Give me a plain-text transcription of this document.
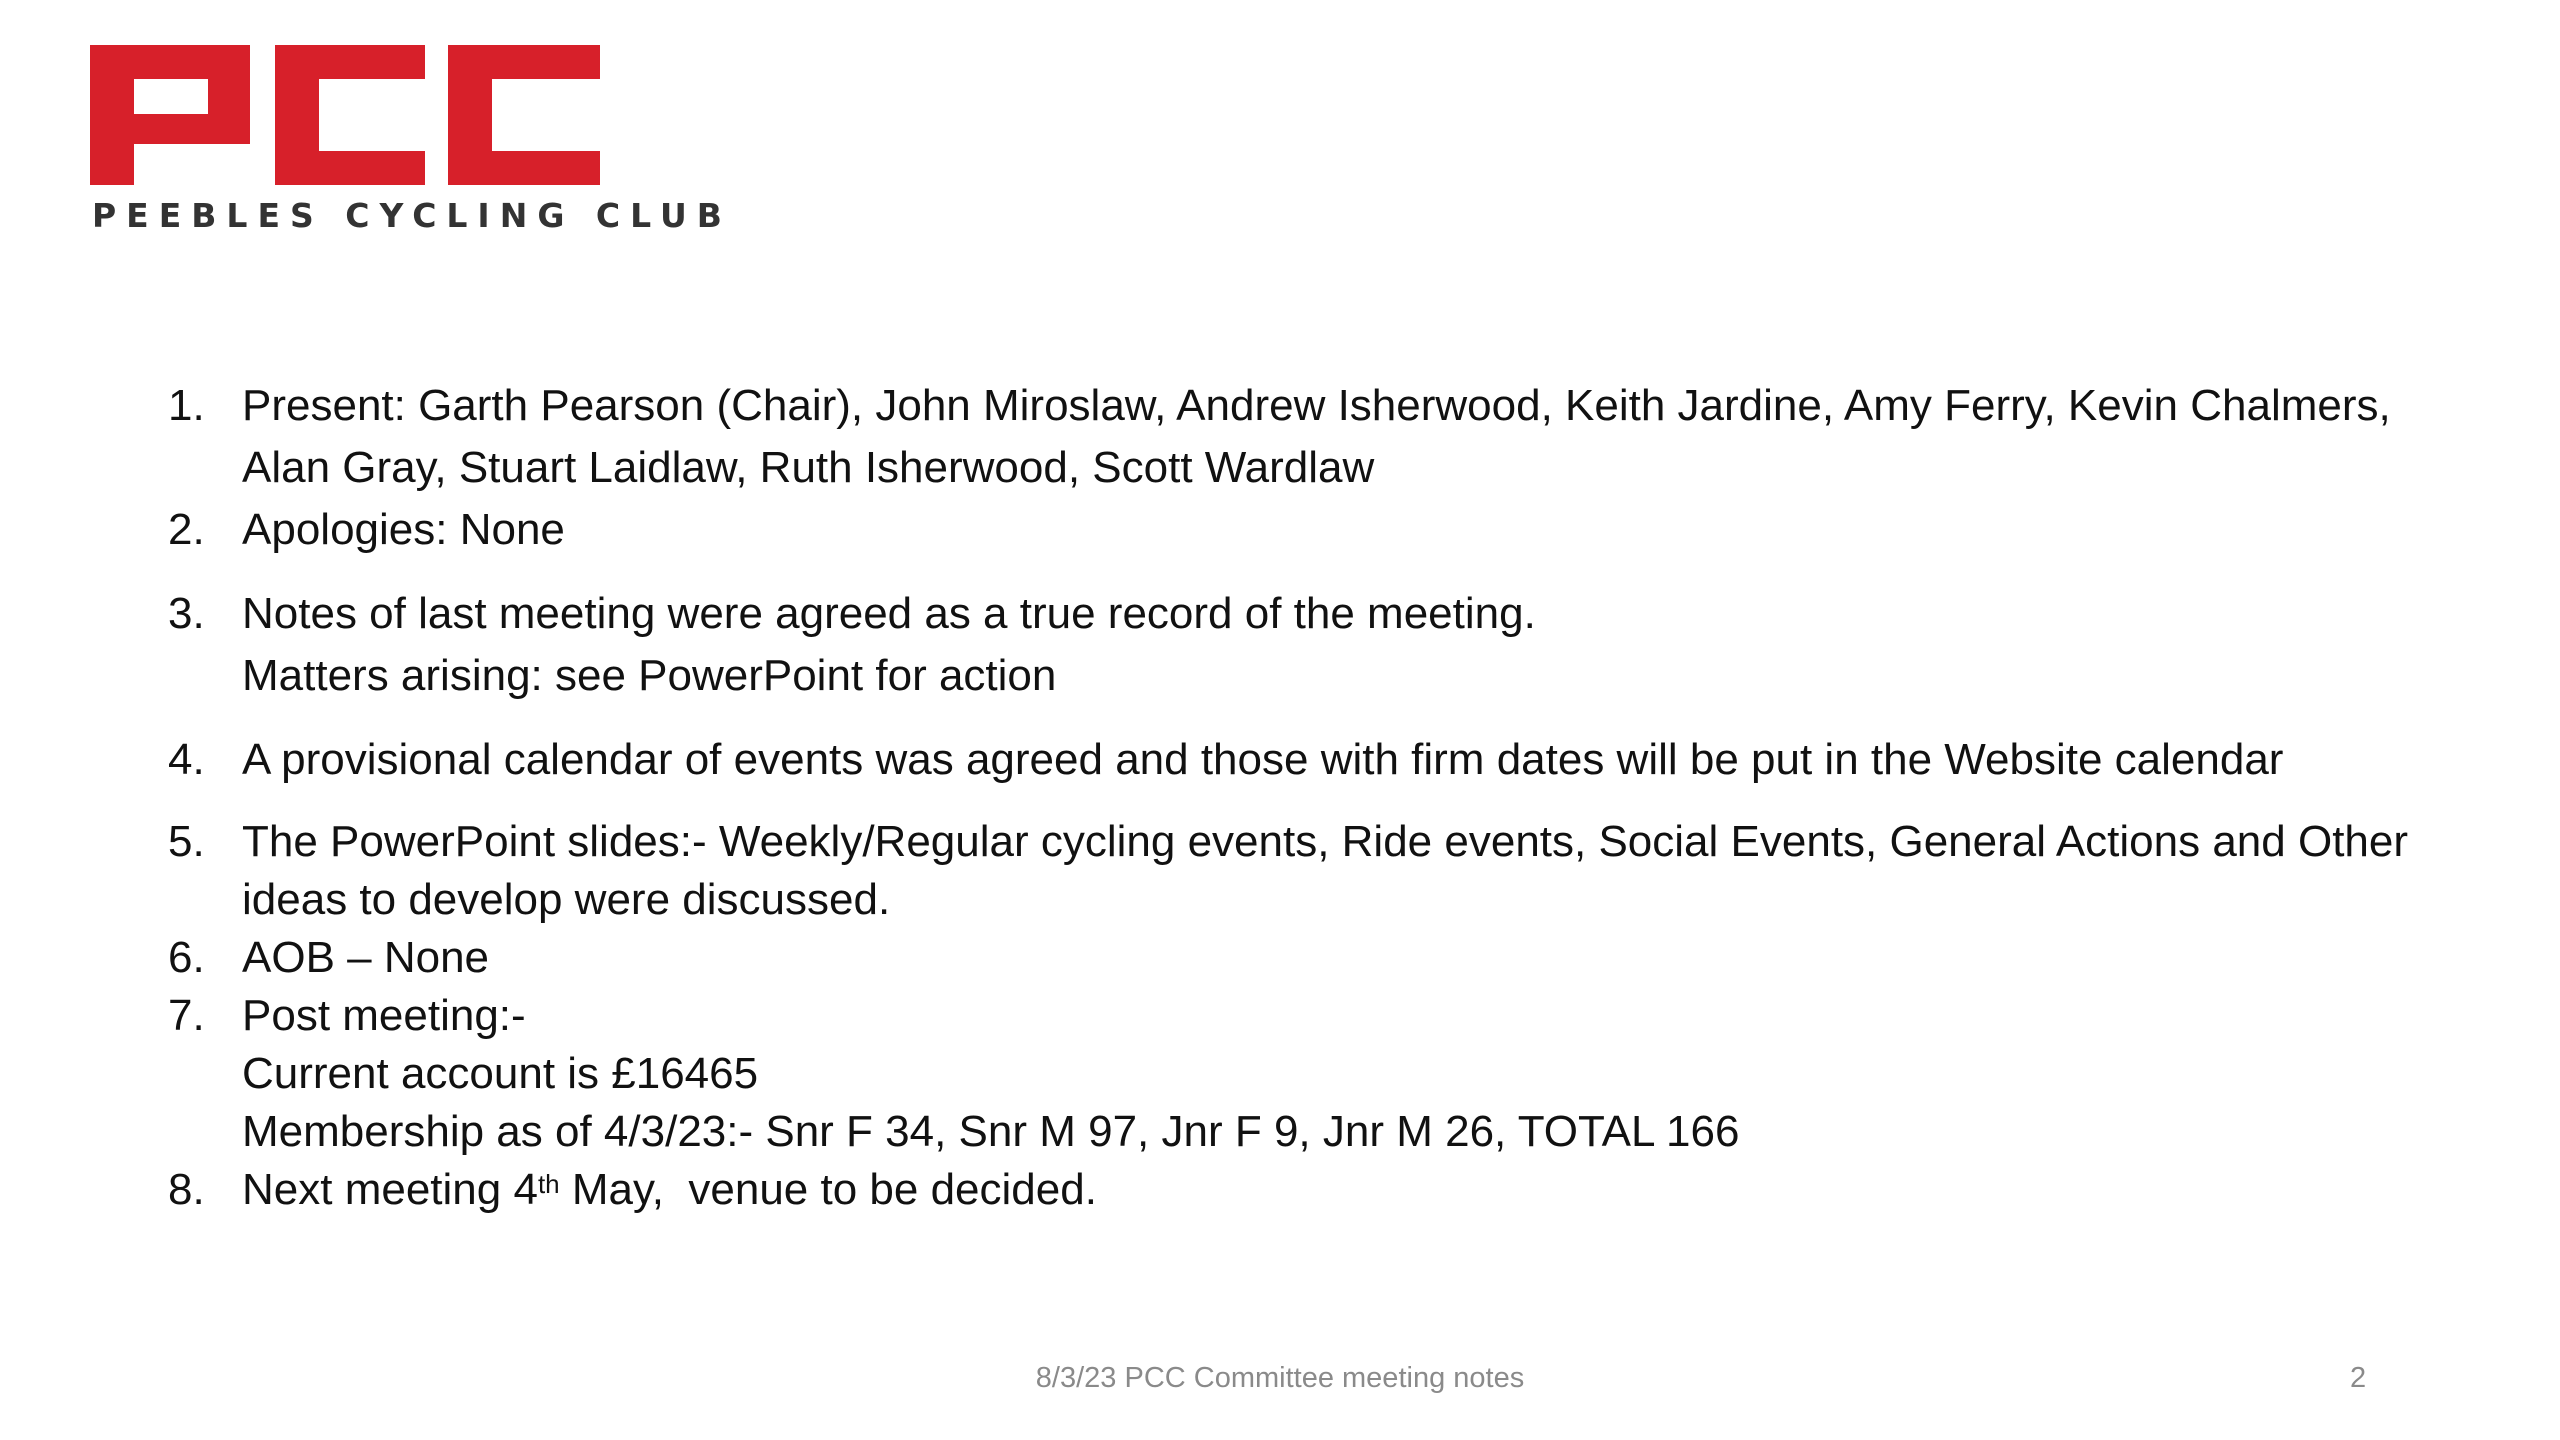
PEEBLES CYCLING CLUB
1. Present: Garth Pearson (Chair), John Miroslaw, Andrew Isherwood, Keith Jardine, Amy Ferry, Kevin Chalmers,
Alan Gray, Stuart Laidlaw, Ruth Isherwood, Scott Wardlaw
2. Apologies: None
3. Notes of last meeting were agreed as a true record of the meeting.
Matters arising: see PowerPoint for action
4. A provisional calendar of events was agreed and those with firm dates will be put in the Website calendar
5. The PowerPoint slides:- Weekly/Regular cycling events, Ride events, Social Events, General Actions and Other
ideas to develop were discussed.
6. AOB – None
7. Post meeting:-
Current account is £16465
Membership as of 4/3/23:- Snr F 34, Snr M 97, Jnr F 9, Jnr M 26, TOTAL 166
8. Next meeting 4th May,  venue to be decided.
8/3/23 PCC Committee meeting notes	2
